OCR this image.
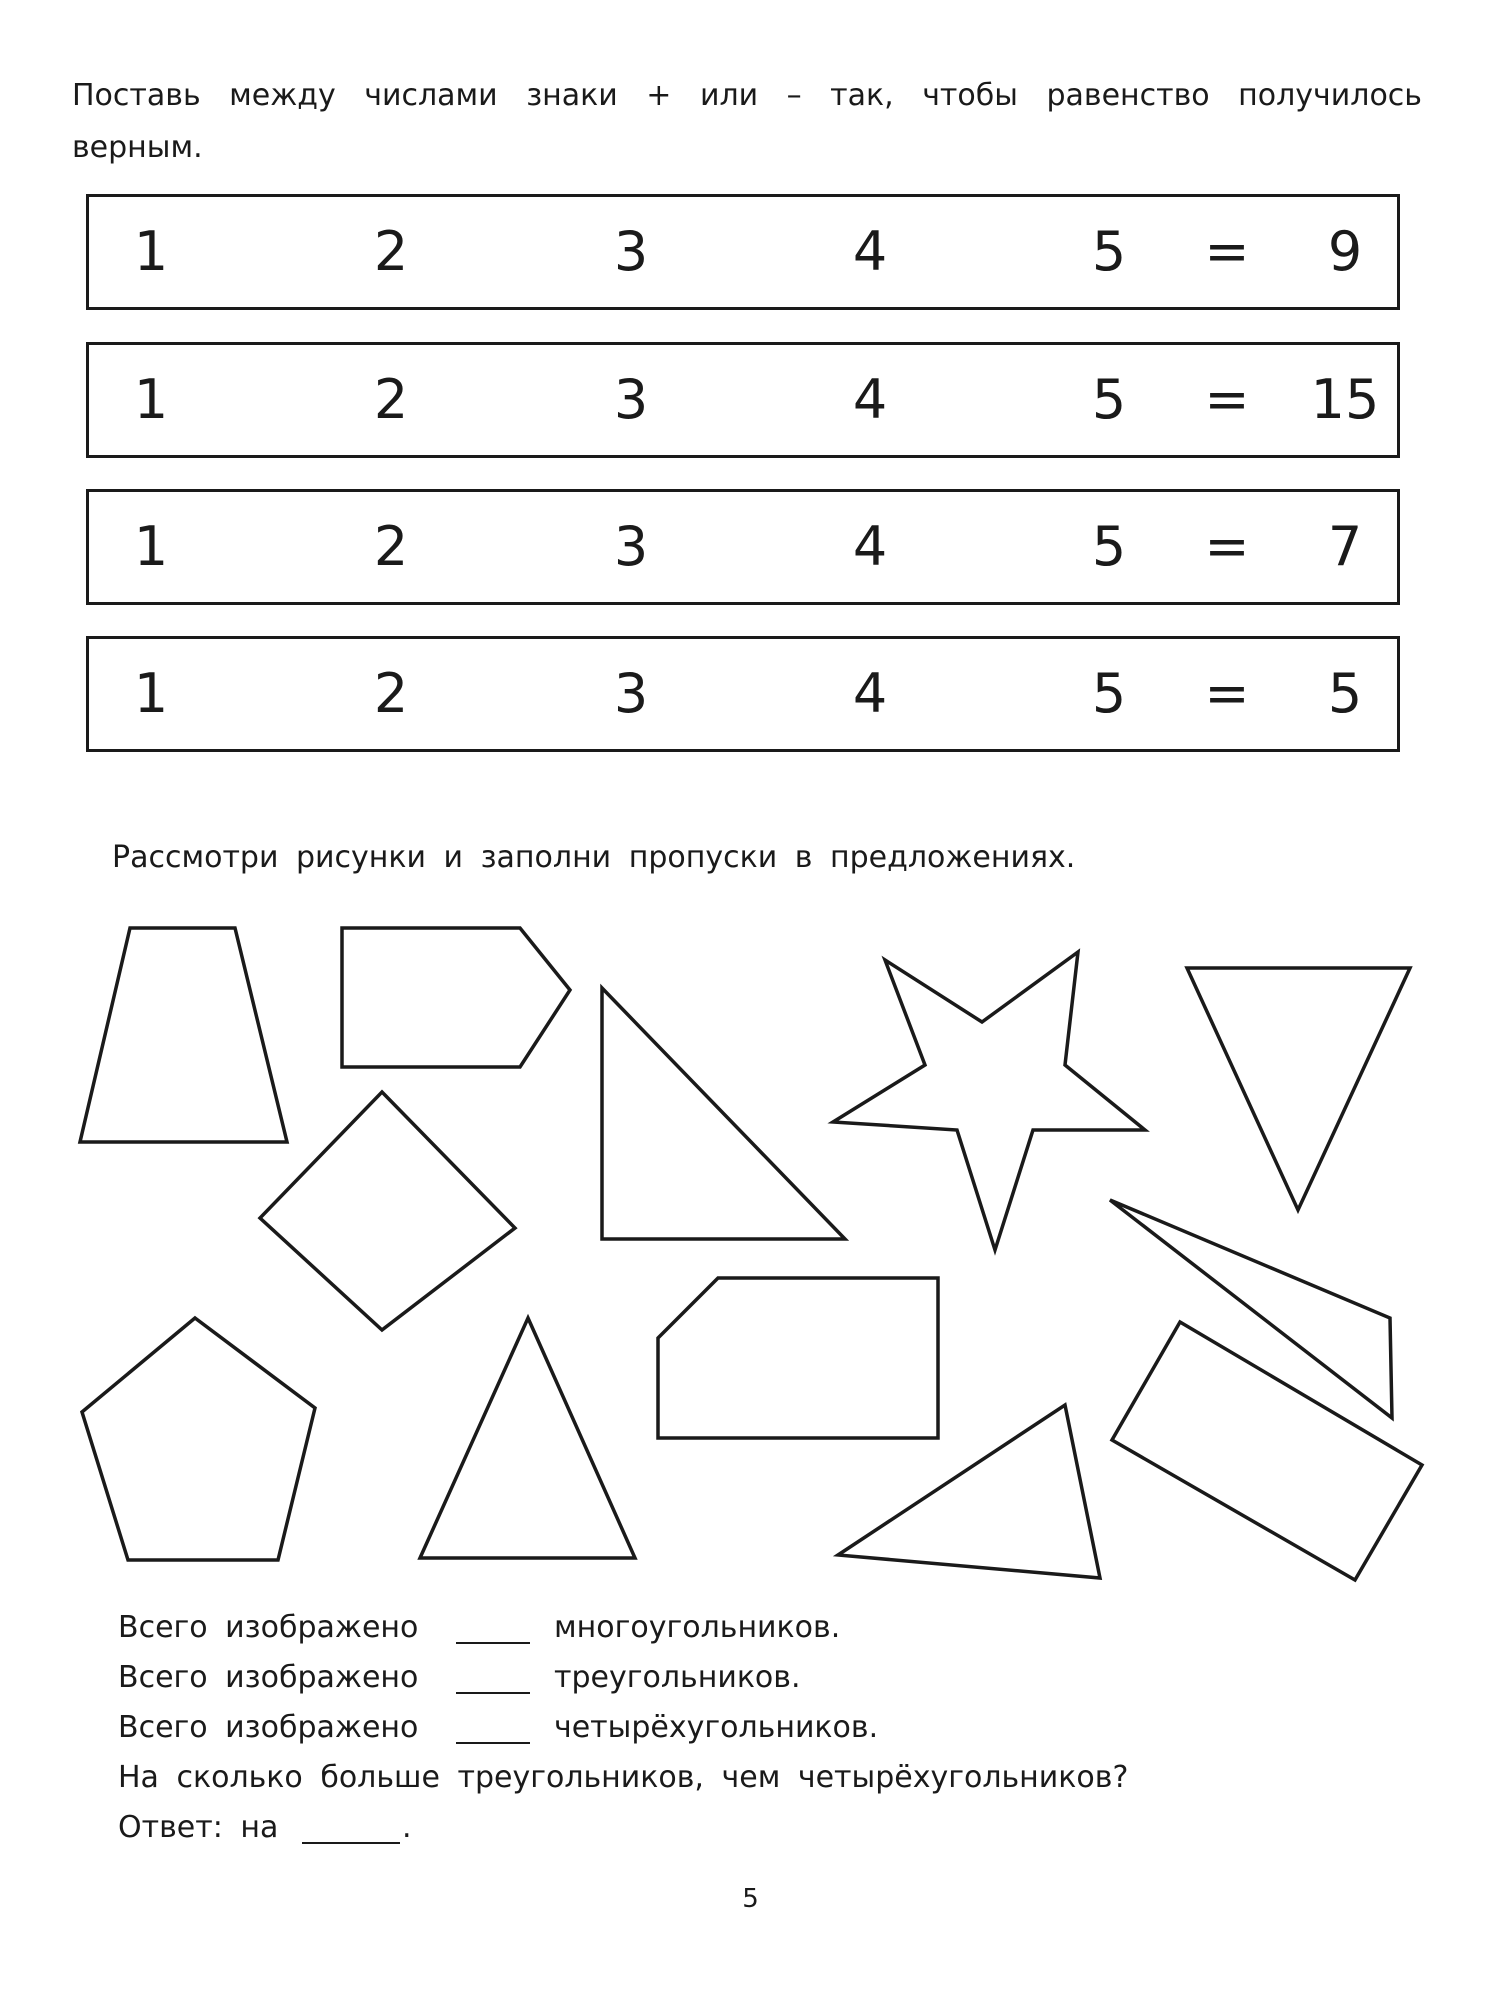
Поставь между числами знаки + или – так, чтобы равенство получилось верным.
1	2	3	4	5 = 9
1	2	3	4	5 = 15
1	2	3	4	5 = 7
1	2	3	4	5 = 5
Рассмотри рисунки и заполни пропуски в предложениях.
Всего изображено	многоугольников.
Всего изображено	треугольников.
Всего изображено	четырёхугольников.
На сколько больше треугольников, чем четырёхугольников?
Ответ: на	.
5
